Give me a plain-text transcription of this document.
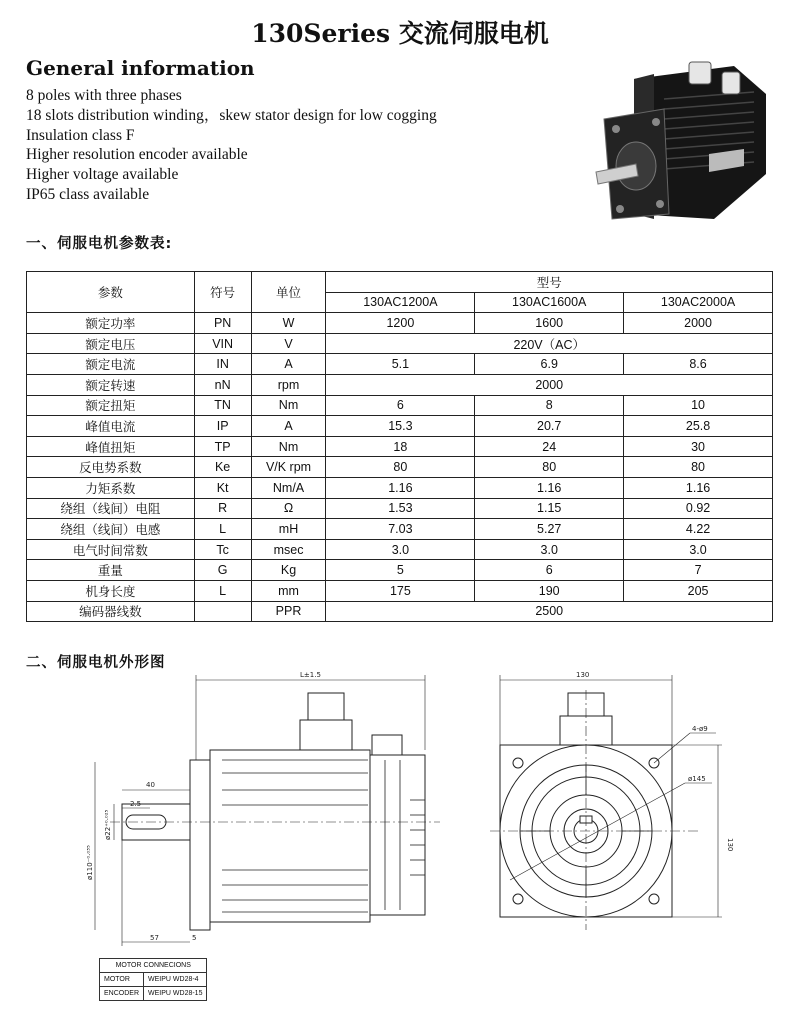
130Series 交流伺服电机
General information
8 poles with three phases
18 slots distribution winding，skew stator design for low cogging
Insulation class F
Higher resolution encoder available
Higher voltage available
IP65 class available
一、伺服电机参数表:
参数	符号	单位	型号		
			130AC1200A	130AC1600A	130AC2000A
额定功率	PN	W	1200	1600	2000
额定电压	VIN	V	220V（AC）		
额定电流	IN	A	5.1	6.9	8.6
额定转速	nN	rpm	2000		
额定扭矩	TN	Nm	6	8	10
峰值电流	IP	A	15.3	20.7	25.8
峰值扭矩	TP	Nm	18	24	30
反电势系数	Ke	V/K rpm	80	80	80
力矩系数	Kt	Nm/A	1.16	1.16	1.16
绕组（线间）电阻	R	Ω	1.53	1.15	0.92
绕组（线间）电感	L	mH	7.03	5.27	4.22
电气时间常数	Tc	msec	3.0	3.0	3.0
重量	G	Kg	5	6	7
机身长度	L	mm	175	190	205
编码器线数		PPR	2500		
二、伺服电机外形图
L±1.5
40
2.5
ø110⁻⁰·⁰³⁵
ø22⁺⁰·⁰²⁵
57	5
130
130
4-ø9
ø145
MOTOR CONNECIONS	
MOTOR	WEIPU WD28-4
ENCODER	WEIPU WD28-15
